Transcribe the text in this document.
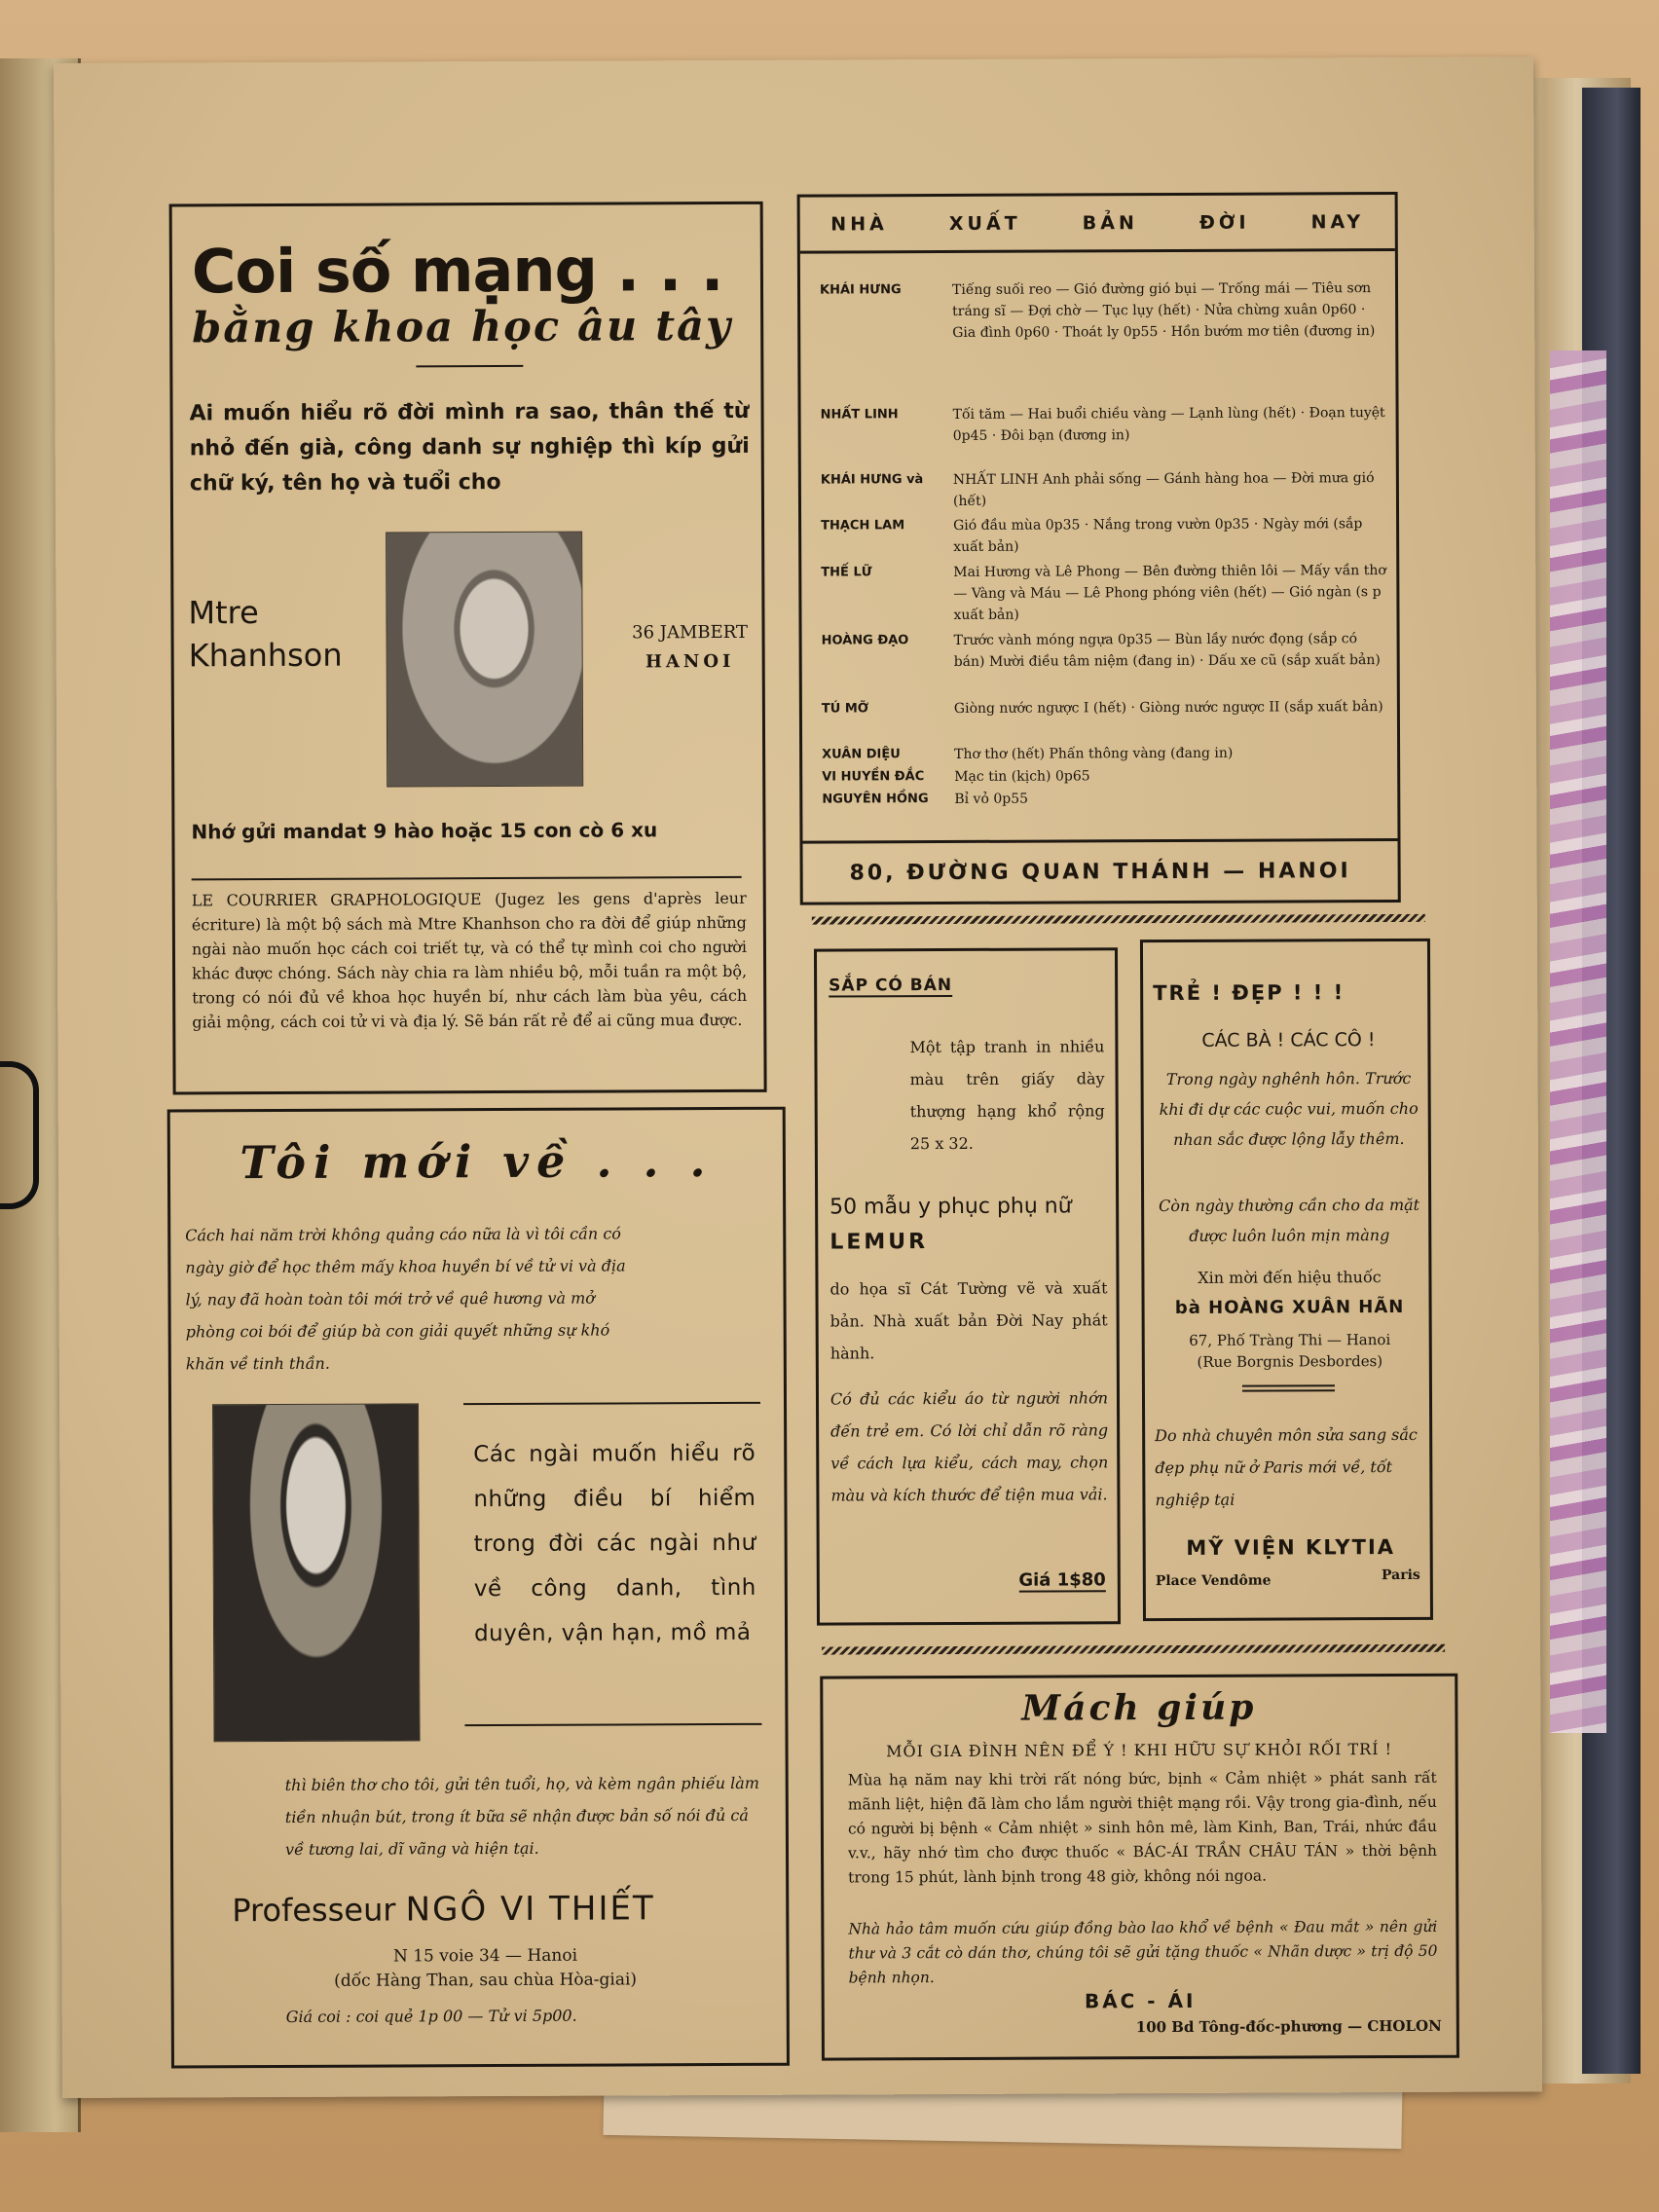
Coi số mạng . . .
bằng khoa học âu tây
Ai muốn hiểu rõ đời mình ra sao, thân thế từ nhỏ đến già, công danh sự nghiệp thì kíp gửi chữ ký, tên họ và tuổi cho
Mtre
Khanhson
36 JAMBERT
HANOI
Nhớ gửi mandat 9 hào hoặc 15 con cò 6 xu
LE COURRIER GRAPHOLOGIQUE (Jugez les gens d'après leur écriture) là một bộ sách mà Mtre Khanhson cho ra đời để giúp những ngài nào muốn học cách coi triết tự, và có thể tự mình coi cho người khác được chóng. Sách này chia ra làm nhiều bộ, mỗi tuần ra một bộ, trong có nói đủ về khoa học huyền bí, như cách làm bùa yêu, cách giải mộng, cách coi tử vi và địa lý. Sẽ bán rất rẻ để ai cũng mua được.
Tôi mới về . . .
Cách hai năm trời không quảng cáo nữa là vì tôi cần có ngày giờ để học thêm mấy khoa huyền bí về tử vi và địa lý, nay đã hoàn toàn tôi mới trở về quê hương và mở phòng coi bói để giúp bà con giải quyết những sự khó khăn về tinh thần.
Các ngài muốn hiểu rõ những điều bí hiểm trong đời các ngài như về công danh, tình duyên, vận hạn, mồ mả
thì biên thơ cho tôi, gửi tên tuổi, họ, và kèm ngân phiếu làm tiền nhuận bút, trong ít bữa sẽ nhận được bản số nói đủ cả về tương lai, dĩ vãng và hiện tại.
Professeur NGÔ VI THIẾT
N 15 voie 34 — Hanoi
(dốc Hàng Than, sau chùa Hòa-giai)
Giá coi : coi quẻ 1p 00 — Tử vi 5p00.
NHÀ	XUẤT	BẢN	ĐỜI	NAY
KHÁI HƯNG	Tiếng suối reo — Gió đường gió bụi — Trống mái — Tiêu sơn tráng sĩ — Đợi chờ — Tục lụy (hết) · Nửa chừng xuân 0p60 · Gia đình 0p60 · Thoát ly 0p55 · Hồn bướm mơ tiên (đương in)
NHẤT LINH	Tối tăm — Hai buổi chiều vàng — Lạnh lùng (hết) · Đoạn tuyệt 0p45 · Đôi bạn (đương in)
KHÁI HƯNG và	NHẤT LINH Anh phải sống — Gánh hàng hoa — Đời mưa gió (hết)
THẠCH LAM	Gió đầu mùa 0p35 · Nắng trong vườn 0p35 · Ngày mới (sắp xuất bản)
THẾ LỮ	Mai Hương và Lê Phong — Bên đường thiên lôi — Mấy vần thơ — Vàng và Máu — Lê Phong phóng viên (hết) — Gió ngàn (s p xuất bản)
HOÀNG ĐẠO	Trước vành móng ngựa 0p35 — Bùn lầy nước đọng (sắp có bán) Mười điều tâm niệm (đang in) · Dấu xe cũ (sắp xuất bản)
TÚ MỠ	Giòng nước ngược I (hết) · Giòng nước ngược II (sắp xuất bản)
XUÂN DIỆU	Thơ thơ (hết) Phấn thông vàng (đang in)
VI HUYỀN ĐẮC	Mạc tin (kịch) 0p65
NGUYÊN HỒNG	Bỉ vỏ 0p55
80, ĐƯỜNG QUAN THÁNH — HANOI
SẮP CÓ BÁN
Một tập tranh in nhiều màu trên giấy dày thượng hạng khổ rộng 25 x 32.
50 mẫu y phục phụ nữ LEMUR
do họa sĩ Cát Tường vẽ và xuất bản. Nhà xuất bản Đời Nay phát hành.
Có đủ các kiểu áo từ người nhớn đến trẻ em. Có lời chỉ dẫn rõ ràng về cách lựa kiểu, cách may, chọn màu và kích thước để tiện mua vải.
Giá 1$80
TRẺ ! ĐẸP ! ! !
CÁC BÀ ! CÁC CÔ !
Trong ngày nghênh hôn. Trước khi đi dự các cuộc vui, muốn cho nhan sắc được lộng lẫy thêm.
Còn ngày thường cần cho da mặt được luôn luôn mịn màng
Xin mời đến hiệu thuốc
bà HOÀNG XUÂN HÃN
67, Phố Tràng Thi — Hanoi
(Rue Borgnis Desbordes)
Do nhà chuyên môn sửa sang sắc đẹp phụ nữ ở Paris mới về, tốt nghiệp tại
MỸ VIỆN KLYTIA
Place Vendôme	Paris
Mách giúp
MỖI GIA ĐÌNH NÊN ĐỂ Ý ! KHI HỮU SỰ KHỎI RỐI TRÍ !
Mùa hạ năm nay khi trời rất nóng bức, bịnh « Cảm nhiệt » phát sanh rất mãnh liệt, hiện đã làm cho lắm người thiệt mạng rồi. Vậy trong gia-đình, nếu có người bị bệnh « Cảm nhiệt » sinh hôn mê, làm Kinh, Ban, Trái, nhức đầu v.v., hãy nhớ tìm cho được thuốc « BÁC-ÁI TRẦN CHÂU TÁN » thời bệnh trong 15 phút, lành bịnh trong 48 giờ, không nói ngoa.
Nhà hảo tâm muốn cứu giúp đồng bào lao khổ về bệnh « Đau mắt » nên gửi thư và 3 cắt cò dán thơ, chúng tôi sẽ gửi tặng thuốc « Nhãn dược » trị độ 50 bệnh nhọn.
BÁC - ÁI
100 Bd Tông-đốc-phương — CHOLON
